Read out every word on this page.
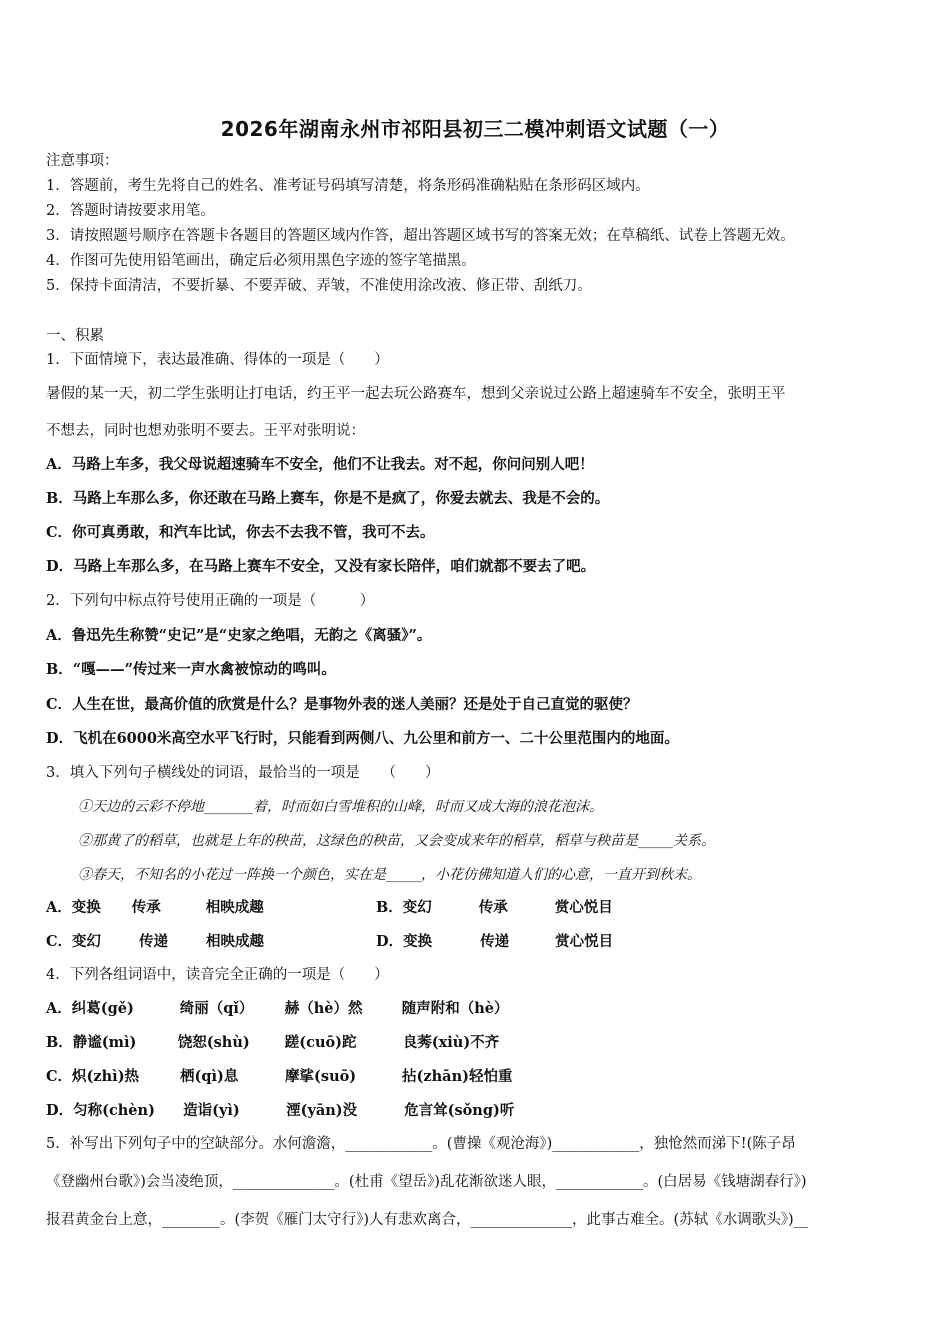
2026年湖南永州市祁阳县初三二模冲刺语文试题（一）
注意事项：
1．答题前，考生先将自己的姓名、准考证号码填写清楚，将条形码准确粘贴在条形码区域内。
2．答题时请按要求用笔。
3．请按照题号顺序在答题卡各题目的答题区域内作答，超出答题区域书写的答案无效；在草稿纸、试卷上答题无效。
4．作图可先使用铅笔画出，确定后必须用黑色字迹的签字笔描黑。
5．保持卡面清洁，不要折暴、不要弄破、弄皱，不准使用涂改液、修正带、刮纸刀。
一、积累
1．下面情境下，表达最准确、得体的一项是（　　）
暑假的某一天，初二学生张明让打电话，约王平一起去玩公路赛车，想到父亲说过公路上超速骑车不安全，张明王平
不想去，同时也想劝张明不要去。王平对张明说：
A．马路上车多，我父母说超速骑车不安全，他们不让我去。对不起，你问问别人吧！
B．马路上车那么多，你还敢在马路上赛车，你是不是疯了，你爱去就去、我是不会的。
C．你可真勇敢，和汽车比试，你去不去我不管，我可不去。
D．马路上车那么多，在马路上赛车不安全，又没有家长陪伴，咱们就都不要去了吧。
2．下列句中标点符号使用正确的一项是（　　　）
A．鲁迅先生称赞“史记”是“史家之绝唱，无韵之《离骚》”。
B．“嘎——”传过来一声水禽被惊动的鸣叫。
C．人生在世，最高价值的欣赏是什么？是事物外表的迷人美丽？还是处于自己直觉的驱使？
D．飞机在6000米高空水平飞行时，只能看到两侧八、九公里和前方一、二十公里范围内的地面。
3．填入下列句子横线处的词语，最恰当的一项是　　（　　）
①天边的云彩不停地_______着，时而如白雪堆积的山峰，时而又成大海的浪花泡沫。
②那黄了的稻草，也就是上年的秧苗，这绿色的秧苗，又会变成来年的稻草，稻草与秧苗是_____关系。
③春天，不知名的小花过一阵换一个颜色，实在是_____，小花仿佛知道人们的心意，一直开到秋末。
A．变换 传承	相映成趣	B．变幻	传承	赏心悦目
C．变幻	传递	相映成趣	D．变换	传递	赏心悦目
4．下列各组词语中，读音完全正确的一项是（　　）
A．纠葛(gě)	绮丽（qǐ） 赫（hè）然	随声附和（hè）
B．静谧(mì)	饶恕(shù) 蹉(cuō)跎	良莠(xiù)不齐
C．炽(zhì)热	栖(qì)息	摩挲(suō)	拈(zhān)轻怕重
D．匀称(chèn) 造诣(yì)	湮(yān)没	危言耸(sǒng)听
5．补写出下列句子中的空缺部分。水何澹澹，____________。(曹操《观沧海》)____________，独怆然而涕下!(陈子昂
《登幽州台歌》)会当凌绝顶，______________。(杜甫《望岳》)乱花渐欲迷人眼，____________。(白居易《钱塘湖春行》)
报君黄金台上意，________。(李贺《雁门太守行》)人有悲欢离合，______________，此事古难全。(苏轼《水调歌头》)__
